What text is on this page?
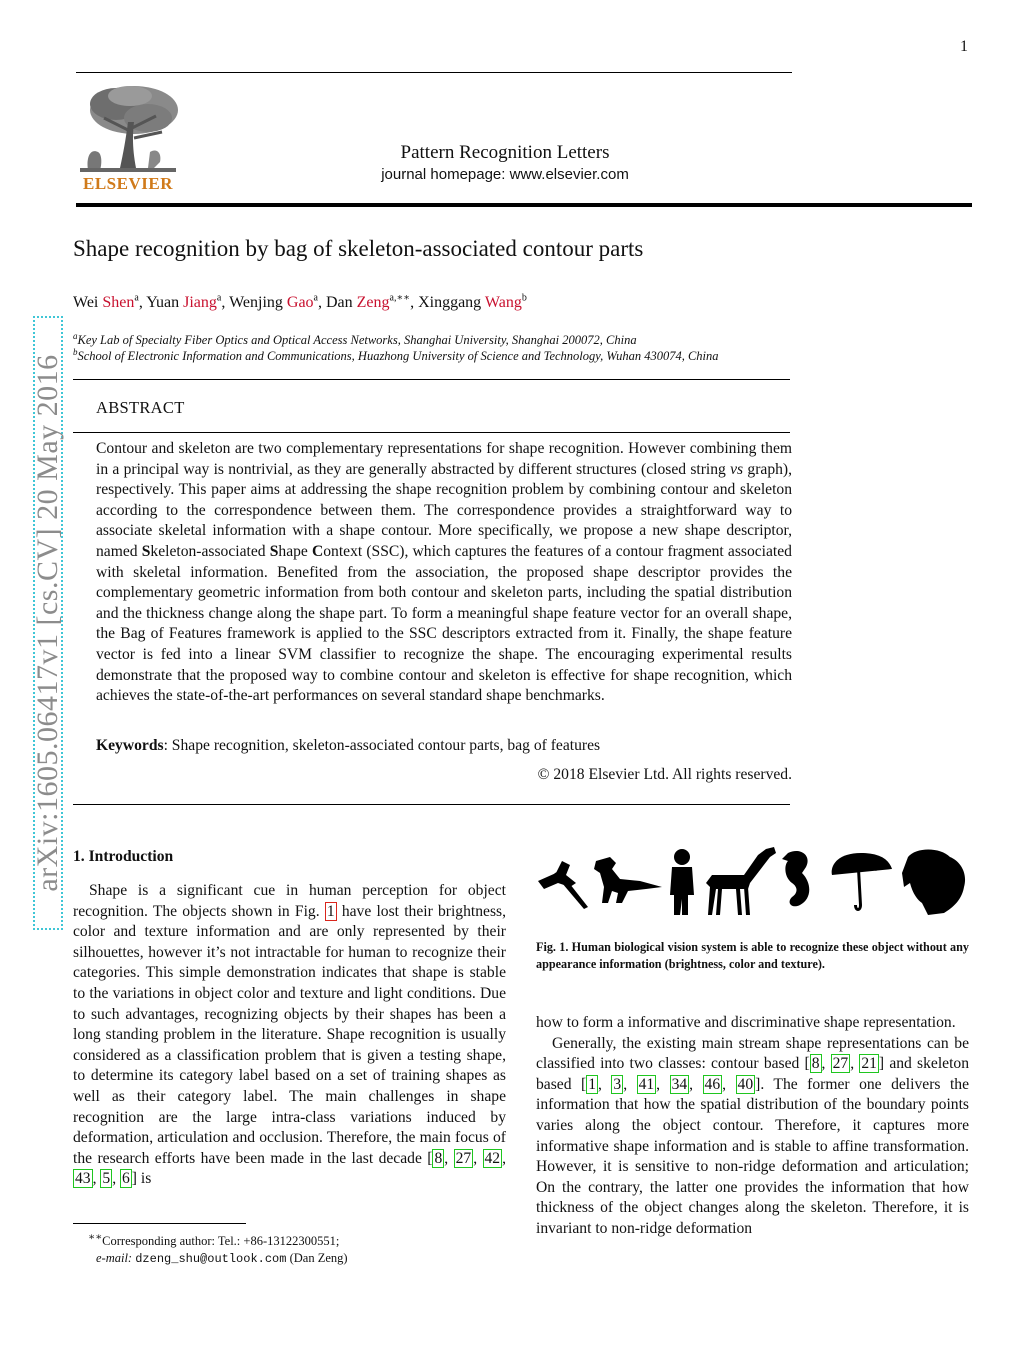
1
arXiv:1605.06417v1 [cs.CV] 20 May 2016
ELSEVIER
Pattern Recognition Letters
journal homepage: www.elsevier.com
Shape recognition by bag of skeleton-associated contour parts
Wei Shen$^a$, Yuan Jiang$^a$, Wenjing Gao$^a$, Dan Zeng$^{a,∗∗}$, Xinggang Wang$^b$
$^a$Key Lab of Specialty Fiber Optics and Optical Access Networks, Shanghai University, Shanghai 200072, China
$^b$School of Electronic Information and Communications, Huazhong University of Science and Technology, Wuhan 430074, China
ABSTRACT
Contour and skeleton are two complementary representations for shape recognition. However combining them in a principal way is nontrivial, as they are generally abstracted by different structures (closed string vs graph), respectively. This paper aims at addressing the shape recognition problem by combining contour and skeleton according to the correspondence between them. The correspondence provides a straightforward way to associate skeletal information with a shape contour. More specifically, we propose a new shape descriptor, named Skeleton-associated Shape Context (SSC), which captures the features of a contour fragment associated with skeletal information. Benefited from the association, the proposed shape descriptor provides the complementary geometric information from both contour and skeleton parts, including the spatial distribution and the thickness change along the shape part. To form a meaningful shape feature vector for an overall shape, the Bag of Features framework is applied to the SSC descriptors extracted from it. Finally, the shape feature vector is fed into a linear SVM classifier to recognize the shape. The encouraging experimental results demonstrate that the proposed way to combine contour and skeleton is effective for shape recognition, which achieves the state-of-the-art performances on several standard shape benchmarks.
Keywords: Shape recognition, skeleton-associated contour parts, bag of features
© 2018 Elsevier Ltd. All rights reserved.
1. Introduction

Shape is a significant cue in human perception for object recognition. The objects shown in Fig. 1 have lost their brightness, color and texture information and are only represented by their silhouettes, however it’s not intractable for human to recognize their categories. This simple demonstration indicates that shape is stable to the variations in object color and texture and light conditions. Due to such advantages, recognizing objects by their shapes has been a long standing problem in the literature. Shape recognition is usually considered as a classification problem that is given a testing shape, to determine its category label based on a set of training shapes as well as their category label. The main challenges in shape recognition are the large intra-class variations induced by deformation, articulation and occlusion. Therefore, the main focus of the research efforts have been made in the last decade [ 8 , 27 , 42 , 43 , 5 , 6 ] is

Fig. 1. Human biological vision system is able to recognize these object without any appearance information (brightness, color and texture).

how to form a informative and discriminative shape representation.

Generally, the existing main stream shape representations can be classified into two classes: contour based [ 8 , 27 , 21 ] and skeleton based [ 1 , 3 , 41 , 34 , 46 , 40 ]. The former one delivers the information that how the spatial distribution of the boundary points varies along the object contour. Therefore, it captures more informative shape information and is stable to affine transformation. However, it is sensitive to non-ridge deformation and articulation; On the contrary, the latter one provides the information that how thickness of the object changes along the skeleton. Therefore, it is invariant to non-ridge deformation

∗∗Corresponding author: Tel.: +86-13122300551;
e-mail: dzeng_shu@outlook.com (Dan Zeng)
